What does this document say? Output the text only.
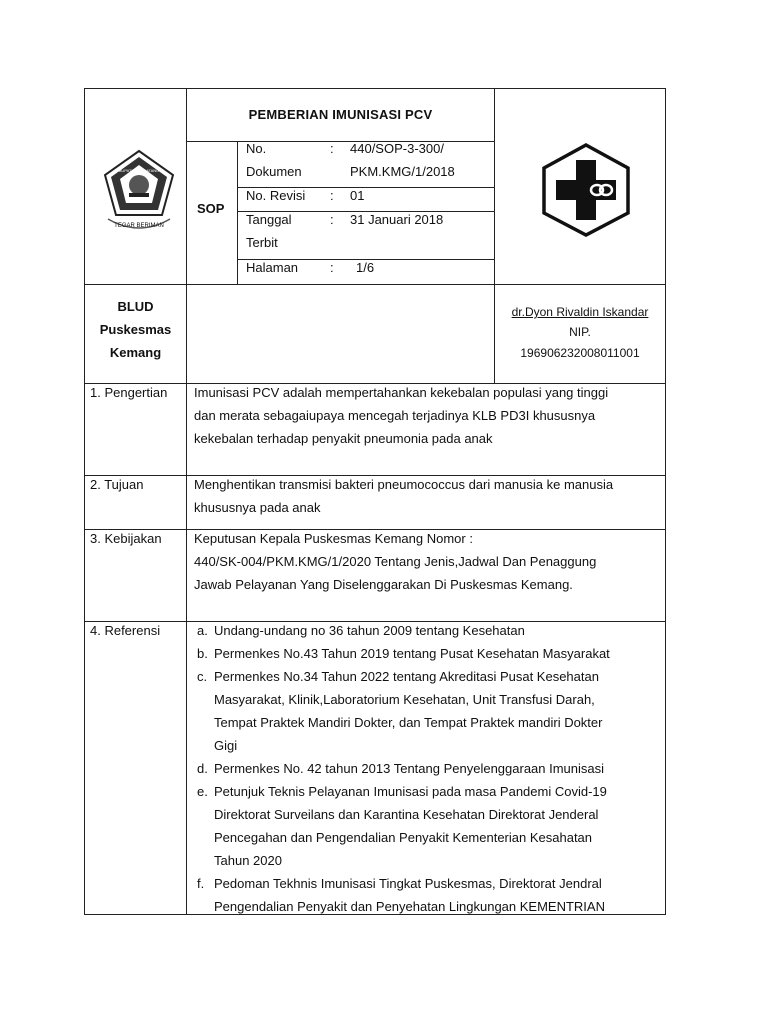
BUPATI DAN DATANG
SAVANA
TEGAR BERIMAN
PEMBERIAN IMUNISASI PCV
SOP
No.
Dokumen
: 440/SOP-3-300/
PKM.KMG/1/2018
No. Revisi : 01
Tanggal
Terbit
: 31 Januari 2018
Halaman : 1/6
BLUD
Puskesmas
Kemang
dr.Dyon Rivaldin Iskandar
NIP.
196906232008011001
1. Pengertian Imunisasi PCV adalah mempertahankan kekebalan populasi yang tinggi
dan merata sebagaiupaya mencegah terjadinya KLB PD3I khususnya
kekebalan terhadap penyakit pneumonia pada anak
2. Tujuan	Menghentikan transmisi bakteri pneumococcus dari manusia ke manusia
khususnya pada anak
3. Kebijakan Keputusan Kepala Puskesmas Kemang Nomor :
440/SK-004/PKM.KMG/1/2020 Tentang Jenis,Jadwal Dan Penaggung
Jawab Pelayanan Yang Diselenggarakan Di Puskesmas Kemang.
4. Referensi	a. Undang-undang no 36 tahun 2009 tentang Kesehatan
b. Permenkes No.43 Tahun 2019 tentang Pusat Kesehatan Masyarakat
c. Permenkes No.34 Tahun 2022 tentang Akreditasi Pusat Kesehatan
Masyarakat, Klinik,Laboratorium Kesehatan, Unit Transfusi Darah,
Tempat Praktek Mandiri Dokter, dan Tempat Praktek mandiri Dokter
Gigi
d. Permenkes No. 42 tahun 2013 Tentang Penyelenggaraan Imunisasi
e. Petunjuk Teknis Pelayanan Imunisasi pada masa Pandemi Covid-19
Direktorat Surveilans dan Karantina Kesehatan Direktorat Jenderal
Pencegahan dan Pengendalian Penyakit Kementerian Kesahatan
Tahun 2020
f. Pedoman Tekhnis Imunisasi Tingkat Puskesmas, Direktorat Jendral
Pengendalian Penyakit dan Penyehatan Lingkungan KEMENTRIAN
